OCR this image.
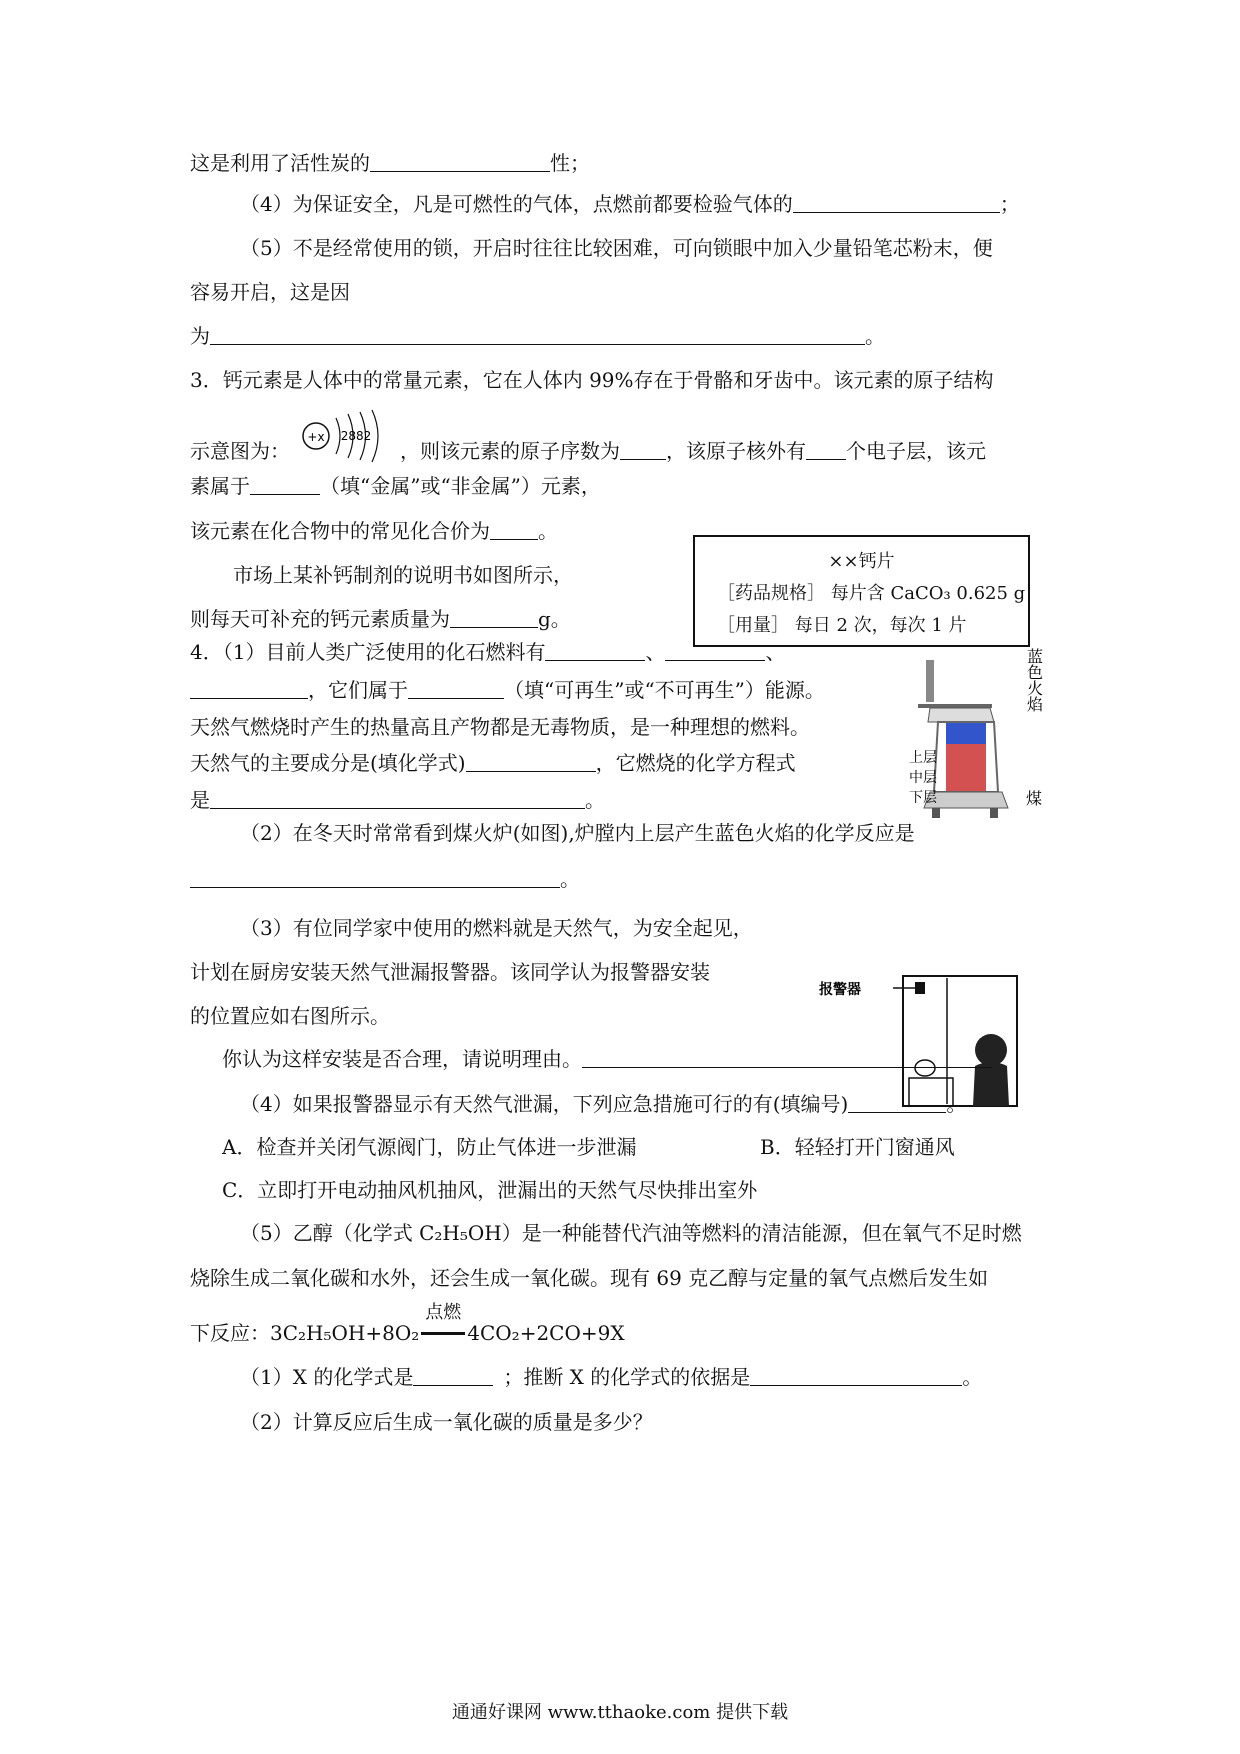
这是利用了活性炭的	性；
（4）为保证安全，凡是可燃性的气体，点燃前都要检验气体的	；
（5）不是经常使用的锁，开启时往往比较困难，可向锁眼中加入少量铅笔芯粉末，便
容易开启，这是因
为	。
3．钙元素是人体中的常量元素，它在人体内 99%存在于骨骼和牙齿中。该元素的原子结构
示意图为：	，则该元素的原子序数为 ，该原子核外有 个电子层，该元
+x 2882
素属于	（填“金属”或“非金属”）元素，
该元素在化合物中的常见化合价为 。
××钙片
［药品规格］ 每片含 CaCO₃ 0.625 g
［用量］ 每日 2 次，每次 1 片
市场上某补钙制剂的说明书如图所示，
则每天可补充的钙元素质量为	g。
4．（1）目前人类广泛使用的化石燃料有	、	、
，它们属于	（填“可再生”或“不可再生”）能源。
天然气燃烧时产生的热量高且产物都是无毒物质，是一种理想的燃料。
天然气的主要成分是(填化学式)	，它燃烧的化学方程式
是	。
上层
中层
下层
蓝色火焰
煤
（2）在冬天时常常看到煤火炉(如图),炉膛内上层产生蓝色火焰的化学反应是
。
（3）有位同学家中使用的燃料就是天然气，为安全起见，
计划在厨房安装天然气泄漏报警器。该同学认为报警器安装
的位置应如右图所示。
报警器
你认为这样安装是否合理，请说明理由。
（4）如果报警器显示有天然气泄漏，下列应急措施可行的有(填编号)	。
A．检查并关闭气源阀门，防止气体进一步泄漏	B．轻轻打开门窗通风
C．立即打开电动抽风机抽风，泄漏出的天然气尽快排出室外
（5）乙醇（化学式 C₂H₅OH）是一种能替代汽油等燃料的清洁能源，但在氧气不足时燃
烧除生成二氧化碳和水外，还会生成一氧化碳。现有 69 克乙醇与定量的氧气点燃后发生如
下反应：3C₂H₅OH+8O₂
点燃
4CO₂+2CO+9X
（1）X 的化学式是	；推断 X 的化学式的依据是	。
（2）计算反应后生成一氧化碳的质量是多少？
通通好课网 www.tthaoke.com 提供下载
